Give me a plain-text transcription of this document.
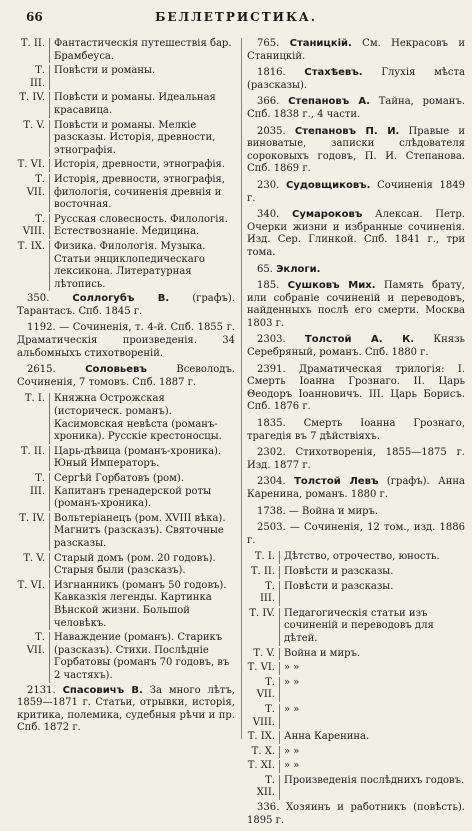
66	БЕЛЛЕТРИСТИКА.
Т. II. Фантастическія путешествія бар. Брамбеуса.
Т. III.
Повѣсти и романы.
Т. IV. Повѣсти и романы. Идеальная красавица.
Т. V. Повѣсти и романы. Мелкіе разсказы. Исторія, древности, этнографія.
Т. VI. Исторія, древности, этнографія.
Т. VII.
Исторія, древности, этнографія, филологія, сочиненія древнія и восточная.
Т. VIII.
Русская словесность. Филологія. Естествознаніе. Медицина.
Т. IX. Физика. Филологія. Музыка. Статьи энциклопедическаго лексикона. Литературная лѣтопись.
350. Соллогубъ В. (графъ). Тарантасъ. Спб. 1845 г.
1192. — Сочиненія, т. 4-й. Спб. 1855 г. Драматическія произведенія. 34 альбомныхъ стихотвореній.
2615.	Соловьевъ Всеволодъ. Сочиненія, 7 томовъ. Спб. 1887 г.
Т. I. Княжна Острожская (историческ. романъ). Касимовская невѣста (романъ-хроника). Русскіе крестоносцы.
Т. II. Царь-дѣвица (романъ-хроника). Юный Императоръ.
Т. III.
Сергѣй Горбатовъ (ром). Капитанъ гренадерской роты (романъ-хроника).
Т. IV. Вольтеріанецъ (ром. XVIII вѣка). Магнитъ (разсказъ). Святочные разсказы.
Т. V. Старый домъ (ром. 20 годовъ). Старыя были (разсказъ).
Т. VI. Изгнанникъ (романъ 50 годовъ). Кавказкія легенды. Картинка Вѣнской жизни. Большой человѣкъ.
Т. VII.
Наваждение (романъ). Старикъ (разсказъ). Стихи. Послѣдніе Горбатовы (романъ 70 годовъ, въ 2 частяхъ).
2131. Спасовичъ В. За много лѣтъ, 1859—1871 г. Статьи, отрывки, исторія, критика, полемика, судебныя рѣчи и пр. Спб. 1872 г.
765. Станицкій. См. Некрасовъ и Станицкій.
1816. Стахѣевъ. Глухія мѣста (разсказы).
366. Степановъ А. Тайна, романъ. Спб. 1838 г., 4 части.
2035. Степановъ П. И. Правые и виноватые, записки слѣдователя сороковыхъ годовъ, П. И. Степанова. Спб. 1869 г.
230. Судовщиковъ. Сочиненія 1849 г.
340. Сумароковъ Алексан. Петр. Очерки жизни и избранные сочиненія. Изд. Сер. Глинкой. Спб. 1841 г., три тома.
65. Эклоги.
185. Сушковъ Мих. Память брату, или собраніе сочиненій и переводовъ, найденныхъ послѣ его смерти. Москва 1803 г.
2303. Толстой А. К. Князь Серебряный, романъ. Спб. 1880 г.
2391. Драматическая трилогія: I. Смерть Іоанна Грознаго. II. Царь Θеодоръ Іоанновичъ. III. Царь Борисъ. Спб. 1876 г.
1835. Смерть Іоанна Грознаго, трагедія въ 7 дѣйствіяхъ.
2302. Стихотворенія, 1855—1875 г. Изд. 1877 г.
2304. Толстой Левъ (графъ). Анна Каренина, романъ. 1880 г.
1738. — Война и миръ.
2503. — Сочиненія, 12 том., изд. 1886 г.
Т. I. Дѣтство, отрочество, юность.
Т. II. Повѣсти и разсказы.
Т. III.
Повѣсти и разсказы.
Т. IV. Педагогическія статьи изъ сочиненій и переводовъ для дѣтей.
Т. V. Война и миръ.
Т. VI. » »
Т. VII.
» »
Т. VIII.
» »
Т. IX. Анна Каренина.
Т. X. » »
Т. XI. » »
Т. XII.
Произведенія послѣднихъ годовъ.
336. Хозяинъ и работникъ (повѣсть). 1895 г.
